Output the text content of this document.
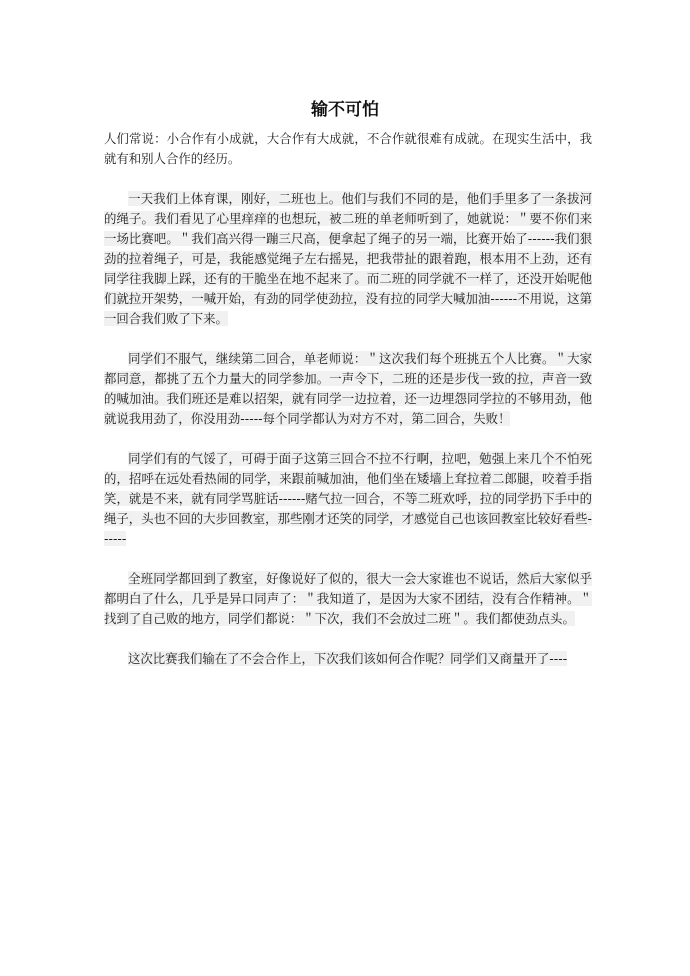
输不可怕

人们常说：小合作有小成就，大合作有大成就，不合作就很难有成就。在现实生活中，我就有和别人合作的经历。

一天我们上体育课，刚好，二班也上。他们与我们不同的是，他们手里多了一条拔河的绳子。我们看见了心里痒痒的也想玩，被二班的单老师听到了，她就说：＂要不你们来一场比赛吧。＂我们高兴得一蹦三尺高，便拿起了绳子的另一端，比赛开始了------我们狠劲的拉着绳子，可是，我能感觉绳子左右摇晃，把我带扯的跟着跑，根本用不上劲，还有同学往我脚上踩，还有的干脆坐在地不起来了。而二班的同学就不一样了，还没开始呢他们就拉开架势，一喊开始，有劲的同学使劲拉，没有拉的同学大喊加油------不用说，这第一回合我们败了下来。

同学们不服气，继续第二回合，单老师说：＂这次我们每个班挑五个人比赛。＂大家都同意，都挑了五个力量大的同学参加。一声令下，二班的还是步伐一致的拉，声音一致的喊加油。我们班还是难以招架，就有同学一边拉着，还一边埋怨同学拉的不够用劲，他就说我用劲了，你没用劲-----每个同学都认为对方不对，第二回合，失败！

同学们有的气馁了，可碍于面子这第三回合不拉不行啊，拉吧，勉强上来几个不怕死的，招呼在远处看热闹的同学，来跟前喊加油，他们坐在矮墙上耷拉着二郎腿，咬着手指笑，就是不来，就有同学骂脏话------赌气拉一回合，不等二班欢呼，拉的同学扔下手中的绳子，头也不回的大步回教室，那些刚才还笑的同学，才感觉自己也该回教室比较好看些------

全班同学都回到了教室，好像说好了似的，很大一会大家谁也不说话，然后大家似乎都明白了什么，几乎是异口同声了：＂我知道了，是因为大家不团结，没有合作精神。＂找到了自己败的地方，同学们都说：＂下次，我们不会放过二班＂。我们都使劲点头。

这次比赛我们输在了不会合作上，下次我们该如何合作呢？同学们又商量开了----
